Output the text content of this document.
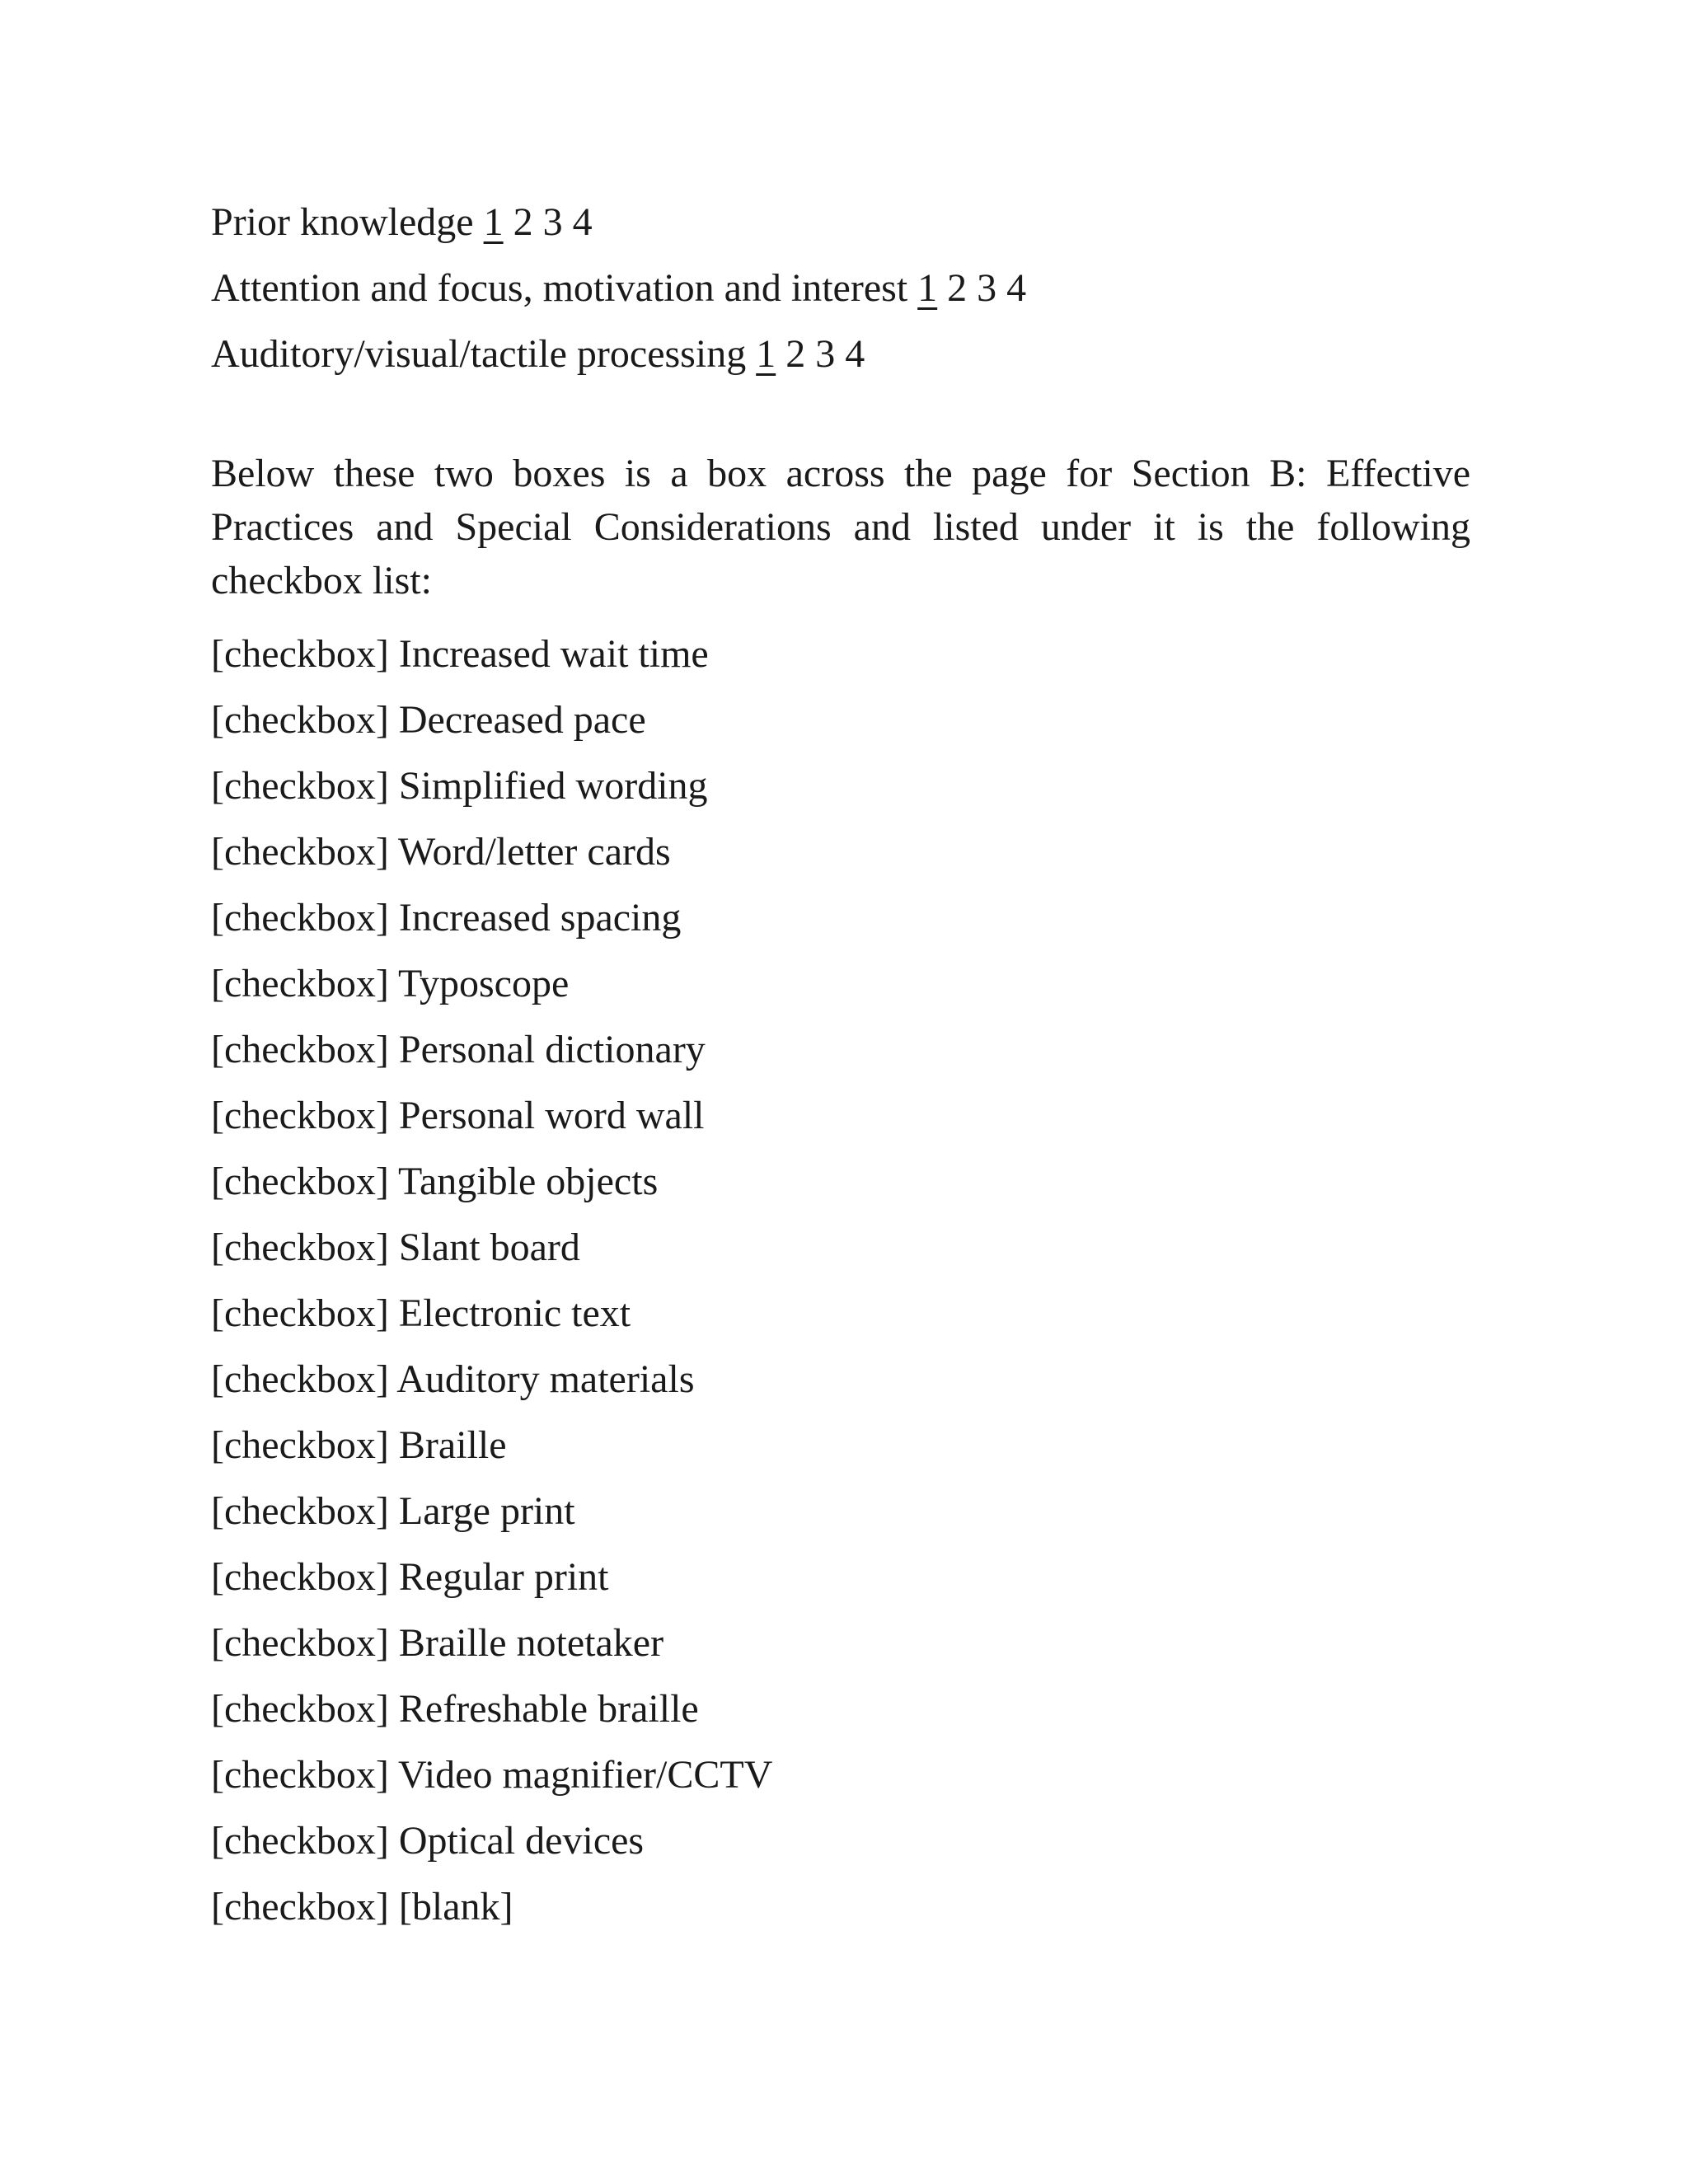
Prior knowledge 1 2 3 4
Attention and focus, motivation and interest 1 2 3 4
Auditory/visual/tactile processing 1 2 3 4

Below these two boxes is a box across the page for Section B: Effective Practices and Special Considerations and listed under it is the following checkbox list:

[checkbox] Increased wait time
[checkbox] Decreased pace
[checkbox] Simplified wording
[checkbox] Word/letter cards
[checkbox] Increased spacing
[checkbox] Typoscope
[checkbox] Personal dictionary
[checkbox] Personal word wall
[checkbox] Tangible objects
[checkbox] Slant board
[checkbox] Electronic text
[checkbox] Auditory materials
[checkbox] Braille
[checkbox] Large print
[checkbox] Regular print
[checkbox] Braille notetaker
[checkbox] Refreshable braille
[checkbox] Video magnifier/CCTV
[checkbox] Optical devices
[checkbox] [blank]
